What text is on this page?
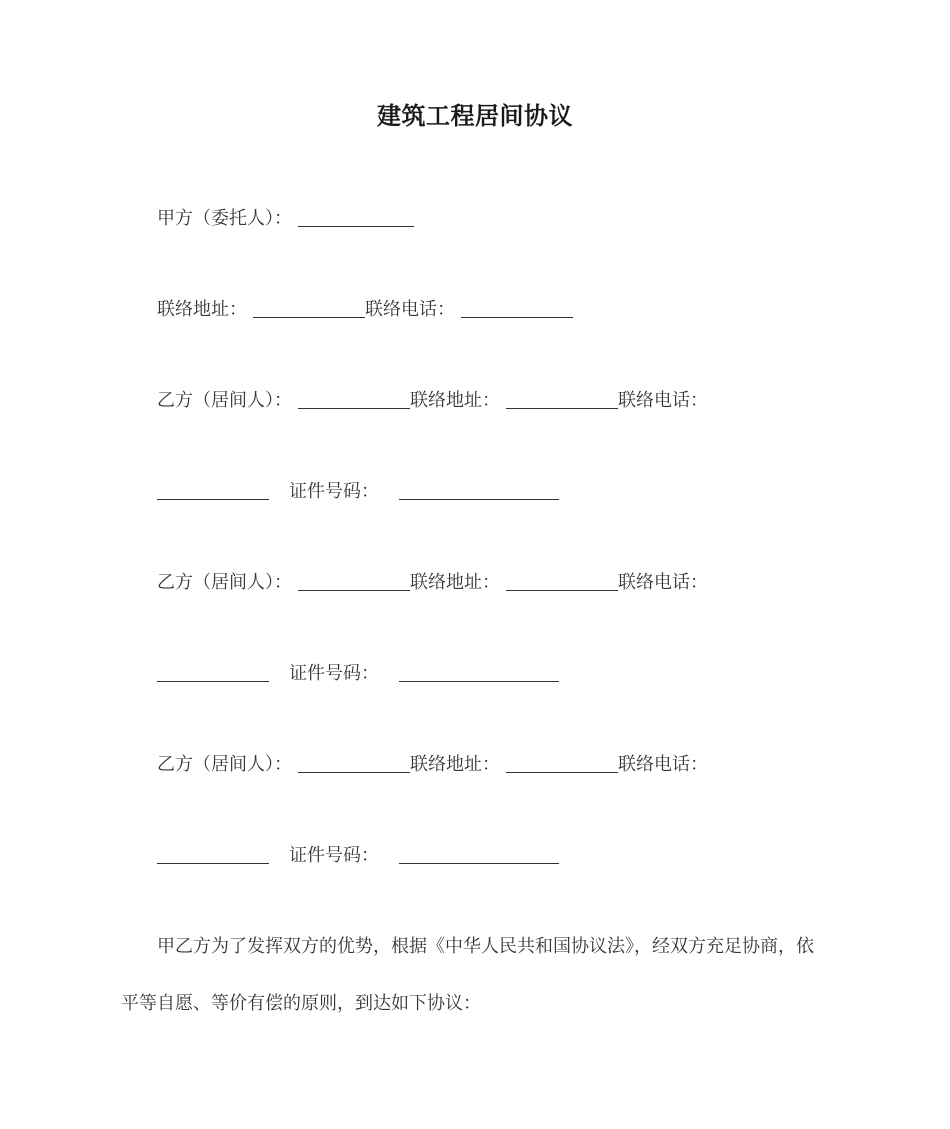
建筑工程居间协议
甲方（委托人）：
联络地址：	联络电话：
乙方（居间人）：	联络地址：	联络电话：
证件号码：
乙方（居间人）：	联络地址：	联络电话：
证件号码：
乙方（居间人）：	联络地址：	联络电话：
证件号码：
甲乙方为了发挥双方的优势，根据《中华人民共和国协议法》，经双方充足协商，依
平等自愿、等价有偿的原则，到达如下协议：
